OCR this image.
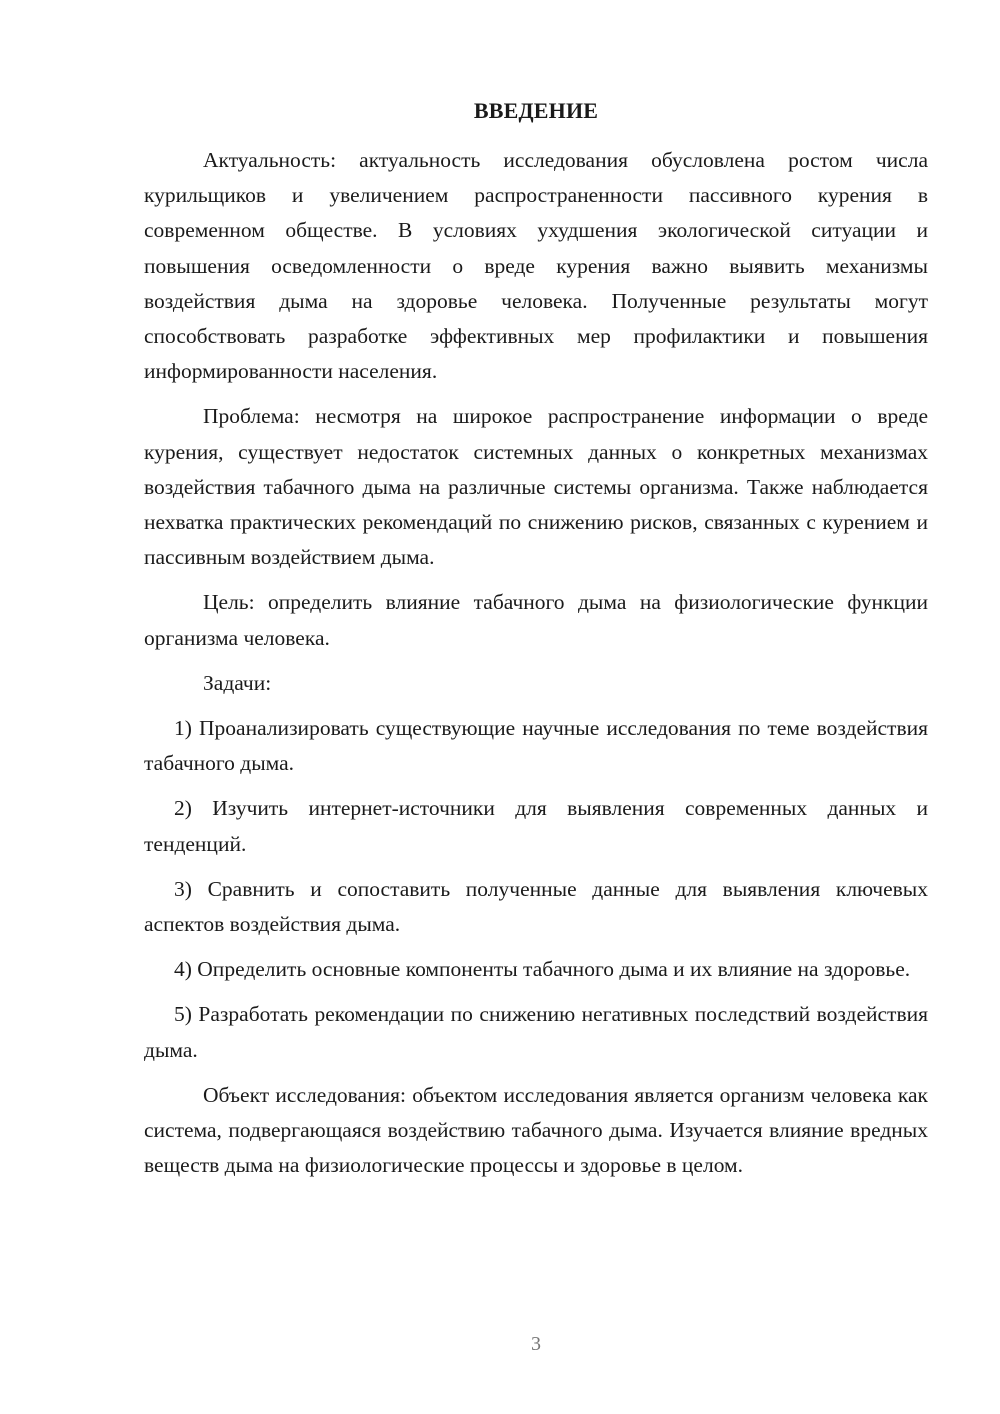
ВВЕДЕНИЕ

Актуальность: актуальность исследования обусловлена ростом числа курильщиков и увеличением распространенности пассивного курения в современном обществе. В условиях ухудшения экологической ситуации и повышения осведомленности о вреде курения важно выявить механизмы воздействия дыма на здоровье человека. Полученные результаты могут способствовать разработке эффективных мер профилактики и повышения информированности населения.

Проблема: несмотря на широкое распространение информации о вреде курения, существует недостаток системных данных о конкретных механизмах воздействия табачного дыма на различные системы организма. Также наблюдается нехватка практических рекомендаций по снижению рисков, связанных с курением и пассивным воздействием дыма.

Цель: определить влияние табачного дыма на физиологические функции организма человека.

Задачи:

1) Проанализировать существующие научные исследования по теме воздействия табачного дыма.

2) Изучить интернет-источники для выявления современных данных и тенденций.

3) Сравнить и сопоставить полученные данные для выявления ключевых аспектов воздействия дыма.

4) Определить основные компоненты табачного дыма и их влияние на здоровье.

5) Разработать рекомендации по снижению негативных последствий воздействия дыма.

Объект исследования: объектом исследования является организм человека как система, подвергающаяся воздействию табачного дыма. Изучается влияние вредных веществ дыма на физиологические процессы и здоровье в целом.

3
